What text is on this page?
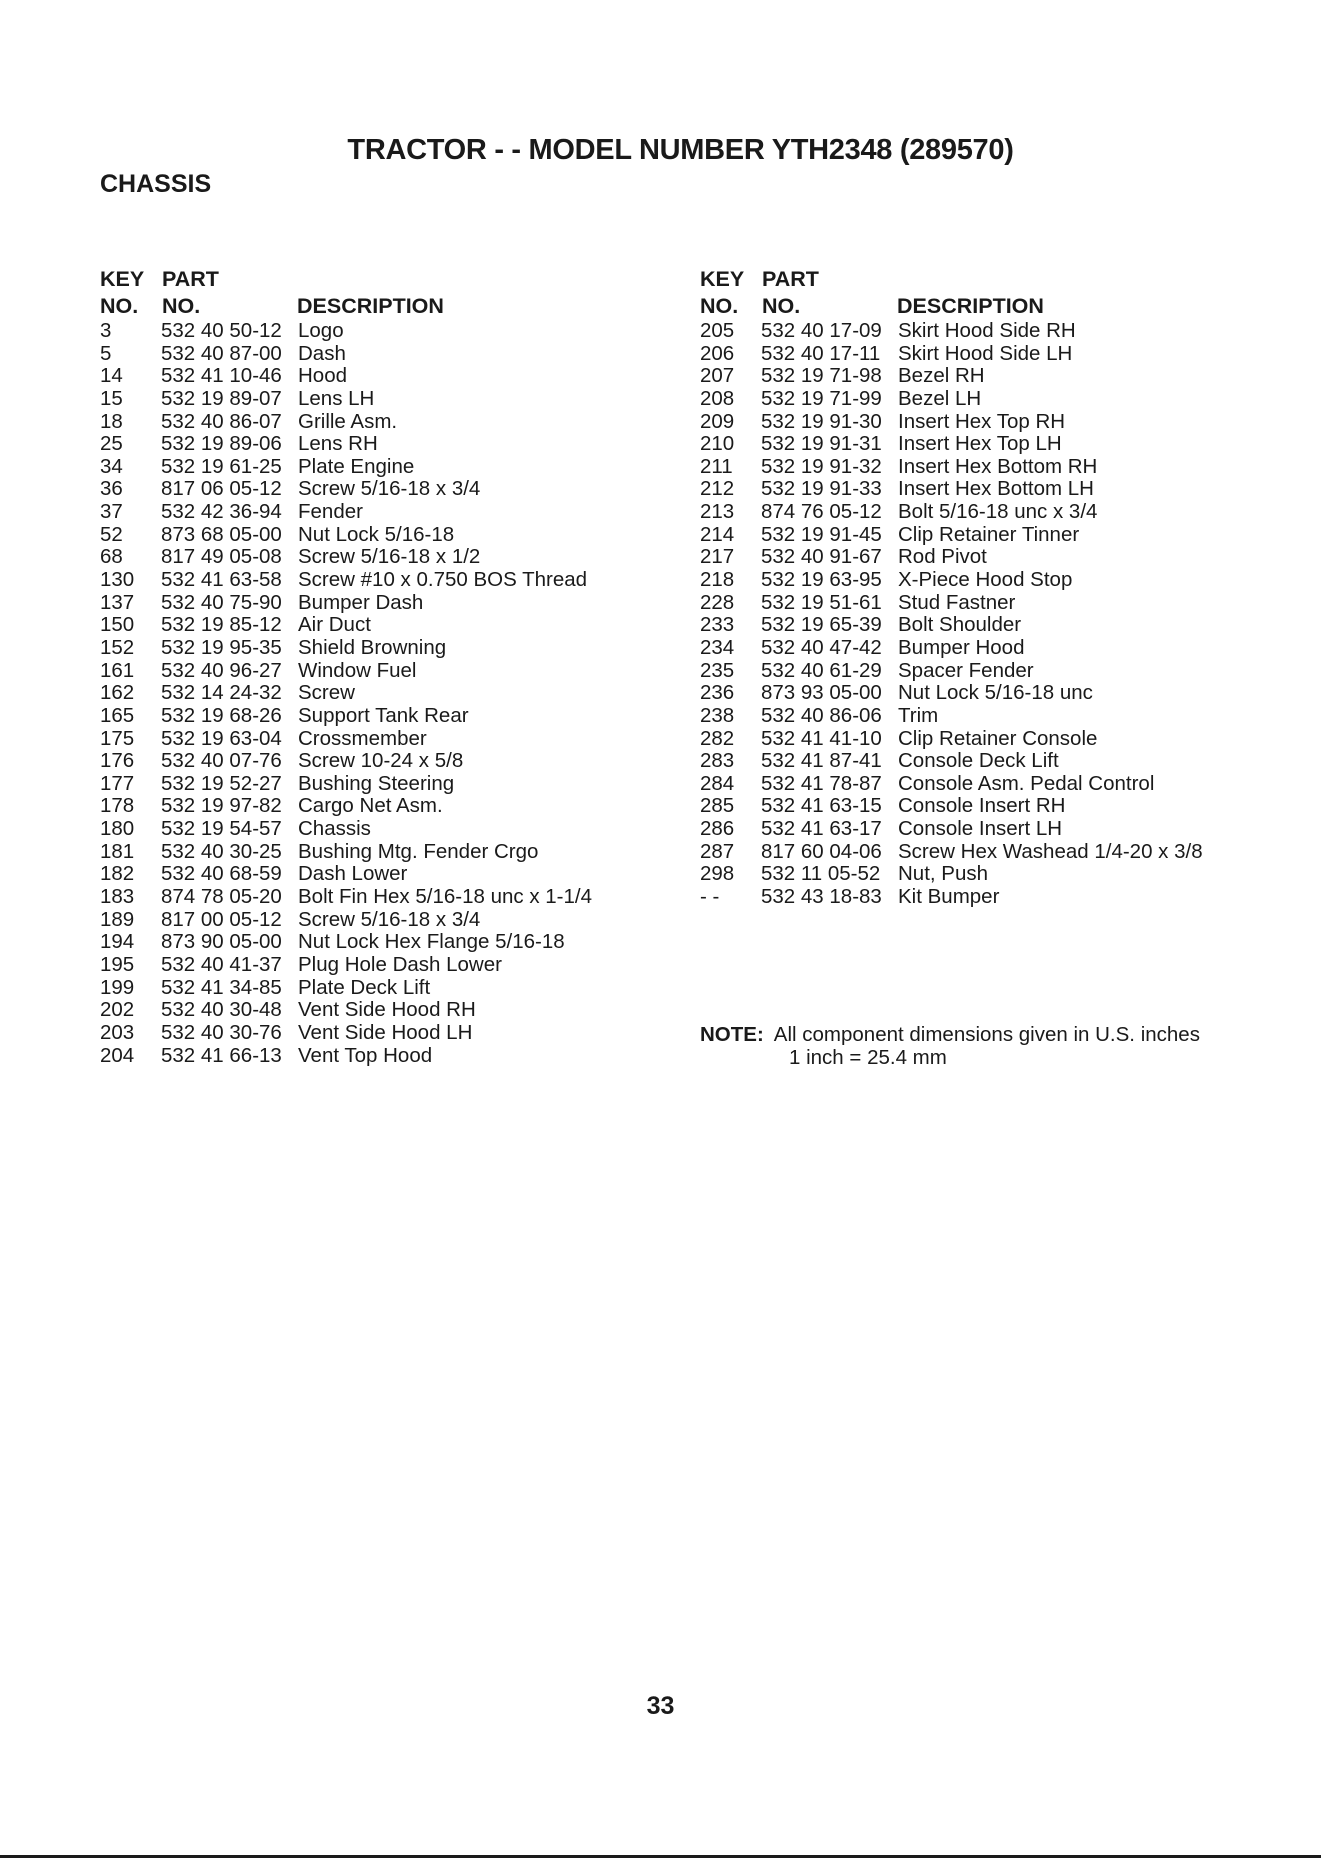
TRACTOR - - MODEL NUMBER YTH2348 (289570)
CHASSIS
KEY
NO.
PART
NO.	DESCRIPTION
3	532 40 50-12 Logo
5	532 40 87-00 Dash
14	532 41 10-46 Hood
15	532 19 89-07 Lens LH
18	532 40 86-07 Grille Asm.
25	532 19 89-06 Lens RH
34	532 19 61-25 Plate Engine
36	817 06 05-12 Screw 5/16-18 x 3/4
37	532 42 36-94 Fender
52	873 68 05-00 Nut Lock 5/16-18
68	817 49 05-08 Screw 5/16-18 x 1/2
130	532 41 63-58 Screw #10 x 0.750 BOS Thread
137	532 40 75-90 Bumper Dash
150	532 19 85-12 Air Duct
152	532 19 95-35 Shield Browning
161	532 40 96-27 Window Fuel
162	532 14 24-32 Screw
165	532 19 68-26 Support Tank Rear
175	532 19 63-04 Crossmember
176	532 40 07-76 Screw 10-24 x 5/8
177	532 19 52-27 Bushing Steering
178	532 19 97-82 Cargo Net Asm.
180	532 19 54-57 Chassis
181	532 40 30-25 Bushing Mtg. Fender Crgo
182	532 40 68-59 Dash Lower
183	874 78 05-20 Bolt Fin Hex 5/16-18 unc x 1-1/4
189	817 00 05-12 Screw 5/16-18 x 3/4
194	873 90 05-00 Nut Lock Hex Flange 5/16-18
195	532 40 41-37 Plug Hole Dash Lower
199	532 41 34-85 Plate Deck Lift
202	532 40 30-48 Vent Side Hood RH
203	532 40 30-76 Vent Side Hood LH
204	532 41 66-13 Vent Top Hood
KEY
NO.
PART
NO.	DESCRIPTION
205	532 40 17-09 Skirt Hood Side RH
206	532 40 17-11 Skirt Hood Side LH
207	532 19 71-98 Bezel RH
208	532 19 71-99 Bezel LH
209	532 19 91-30 Insert Hex Top RH
210	532 19 91-31 Insert Hex Top LH
211	532 19 91-32 Insert Hex Bottom RH
212	532 19 91-33 Insert Hex Bottom LH
213	874 76 05-12 Bolt 5/16-18 unc x 3/4
214	532 19 91-45 Clip Retainer Tinner
217	532 40 91-67 Rod Pivot
218	532 19 63-95 X-Piece Hood Stop
228	532 19 51-61 Stud Fastner
233	532 19 65-39 Bolt Shoulder
234	532 40 47-42 Bumper Hood
235	532 40 61-29 Spacer Fender
236	873 93 05-00 Nut Lock 5/16-18 unc
238	532 40 86-06 Trim
282	532 41 41-10 Clip Retainer Console
283	532 41 87-41 Console Deck Lift
284	532 41 78-87 Console Asm. Pedal Control
285	532 41 63-15 Console Insert RH
286	532 41 63-17 Console Insert LH
287	817 60 04-06 Screw Hex Washead 1/4-20 x 3/8
298	532 11 05-52 Nut, Push
- -	532 43 18-83 Kit Bumper
NOTE: All component dimensions given in U.S. inches
1 inch = 25.4 mm
33
